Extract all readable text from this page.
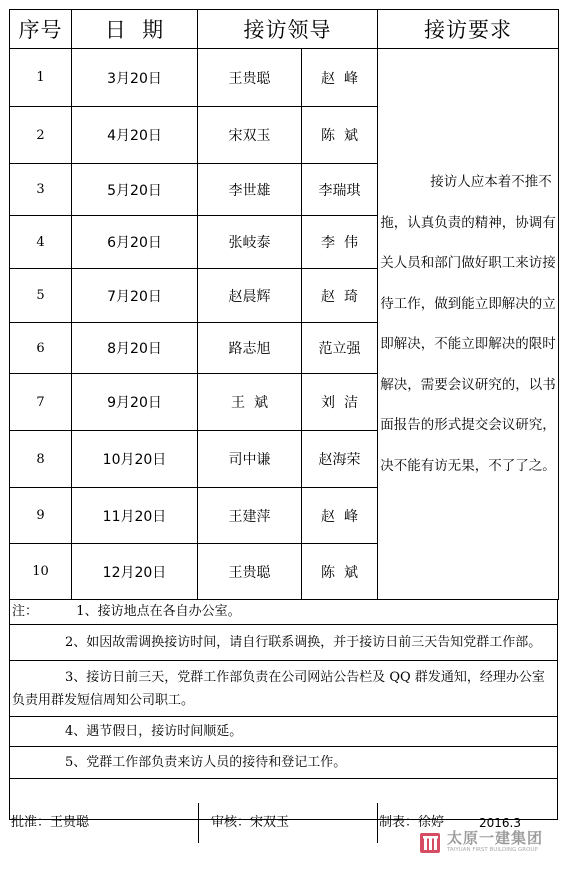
序号	日  期	接访领导		接访要求
1	3月20日	王贵聪	赵  峰	接访人应本着不推不拖，认真负责的精神，协调有关人员和部门做好职工来访接待工作，做到能立即解决的立即解决，不能立即解决的限时解决，需要会议研究的，以书面报告的形式提交会议研究，决不能有访无果，不了了之。

2	4月20日	宋双玉	陈  斌	
3	5月20日	李世雄	李瑞琪	
4	6月20日	张岐泰	李  伟	
5	7月20日	赵晨辉	赵  琦	
6	8月20日	路志旭	范立强	
7	9月20日	王  斌	刘  洁	
8	10月20日	司中谦	赵海荣	
9	11月20日	王建萍	赵  峰	
10	12月20日	王贵聪	陈  斌	
注：	1、接访地点在各自办公室。
2、如因故需调换接访时间，请自行联系调换，并于接访日前三天告知党群工作部。
3、接访日前三天，党群工作部负责在公司网站公告栏及 QQ 群发通知，经理办公室负责用群发短信周知公司职工。
4、遇节假日，接访时间顺延。
5、党群工作部负责来访人员的接待和登记工作。
批准：王贵聪	审核：宋双玉	制表：徐婷	2016.3
太原一建集团
TAIYUAN FIRST BUILDING GROUP
